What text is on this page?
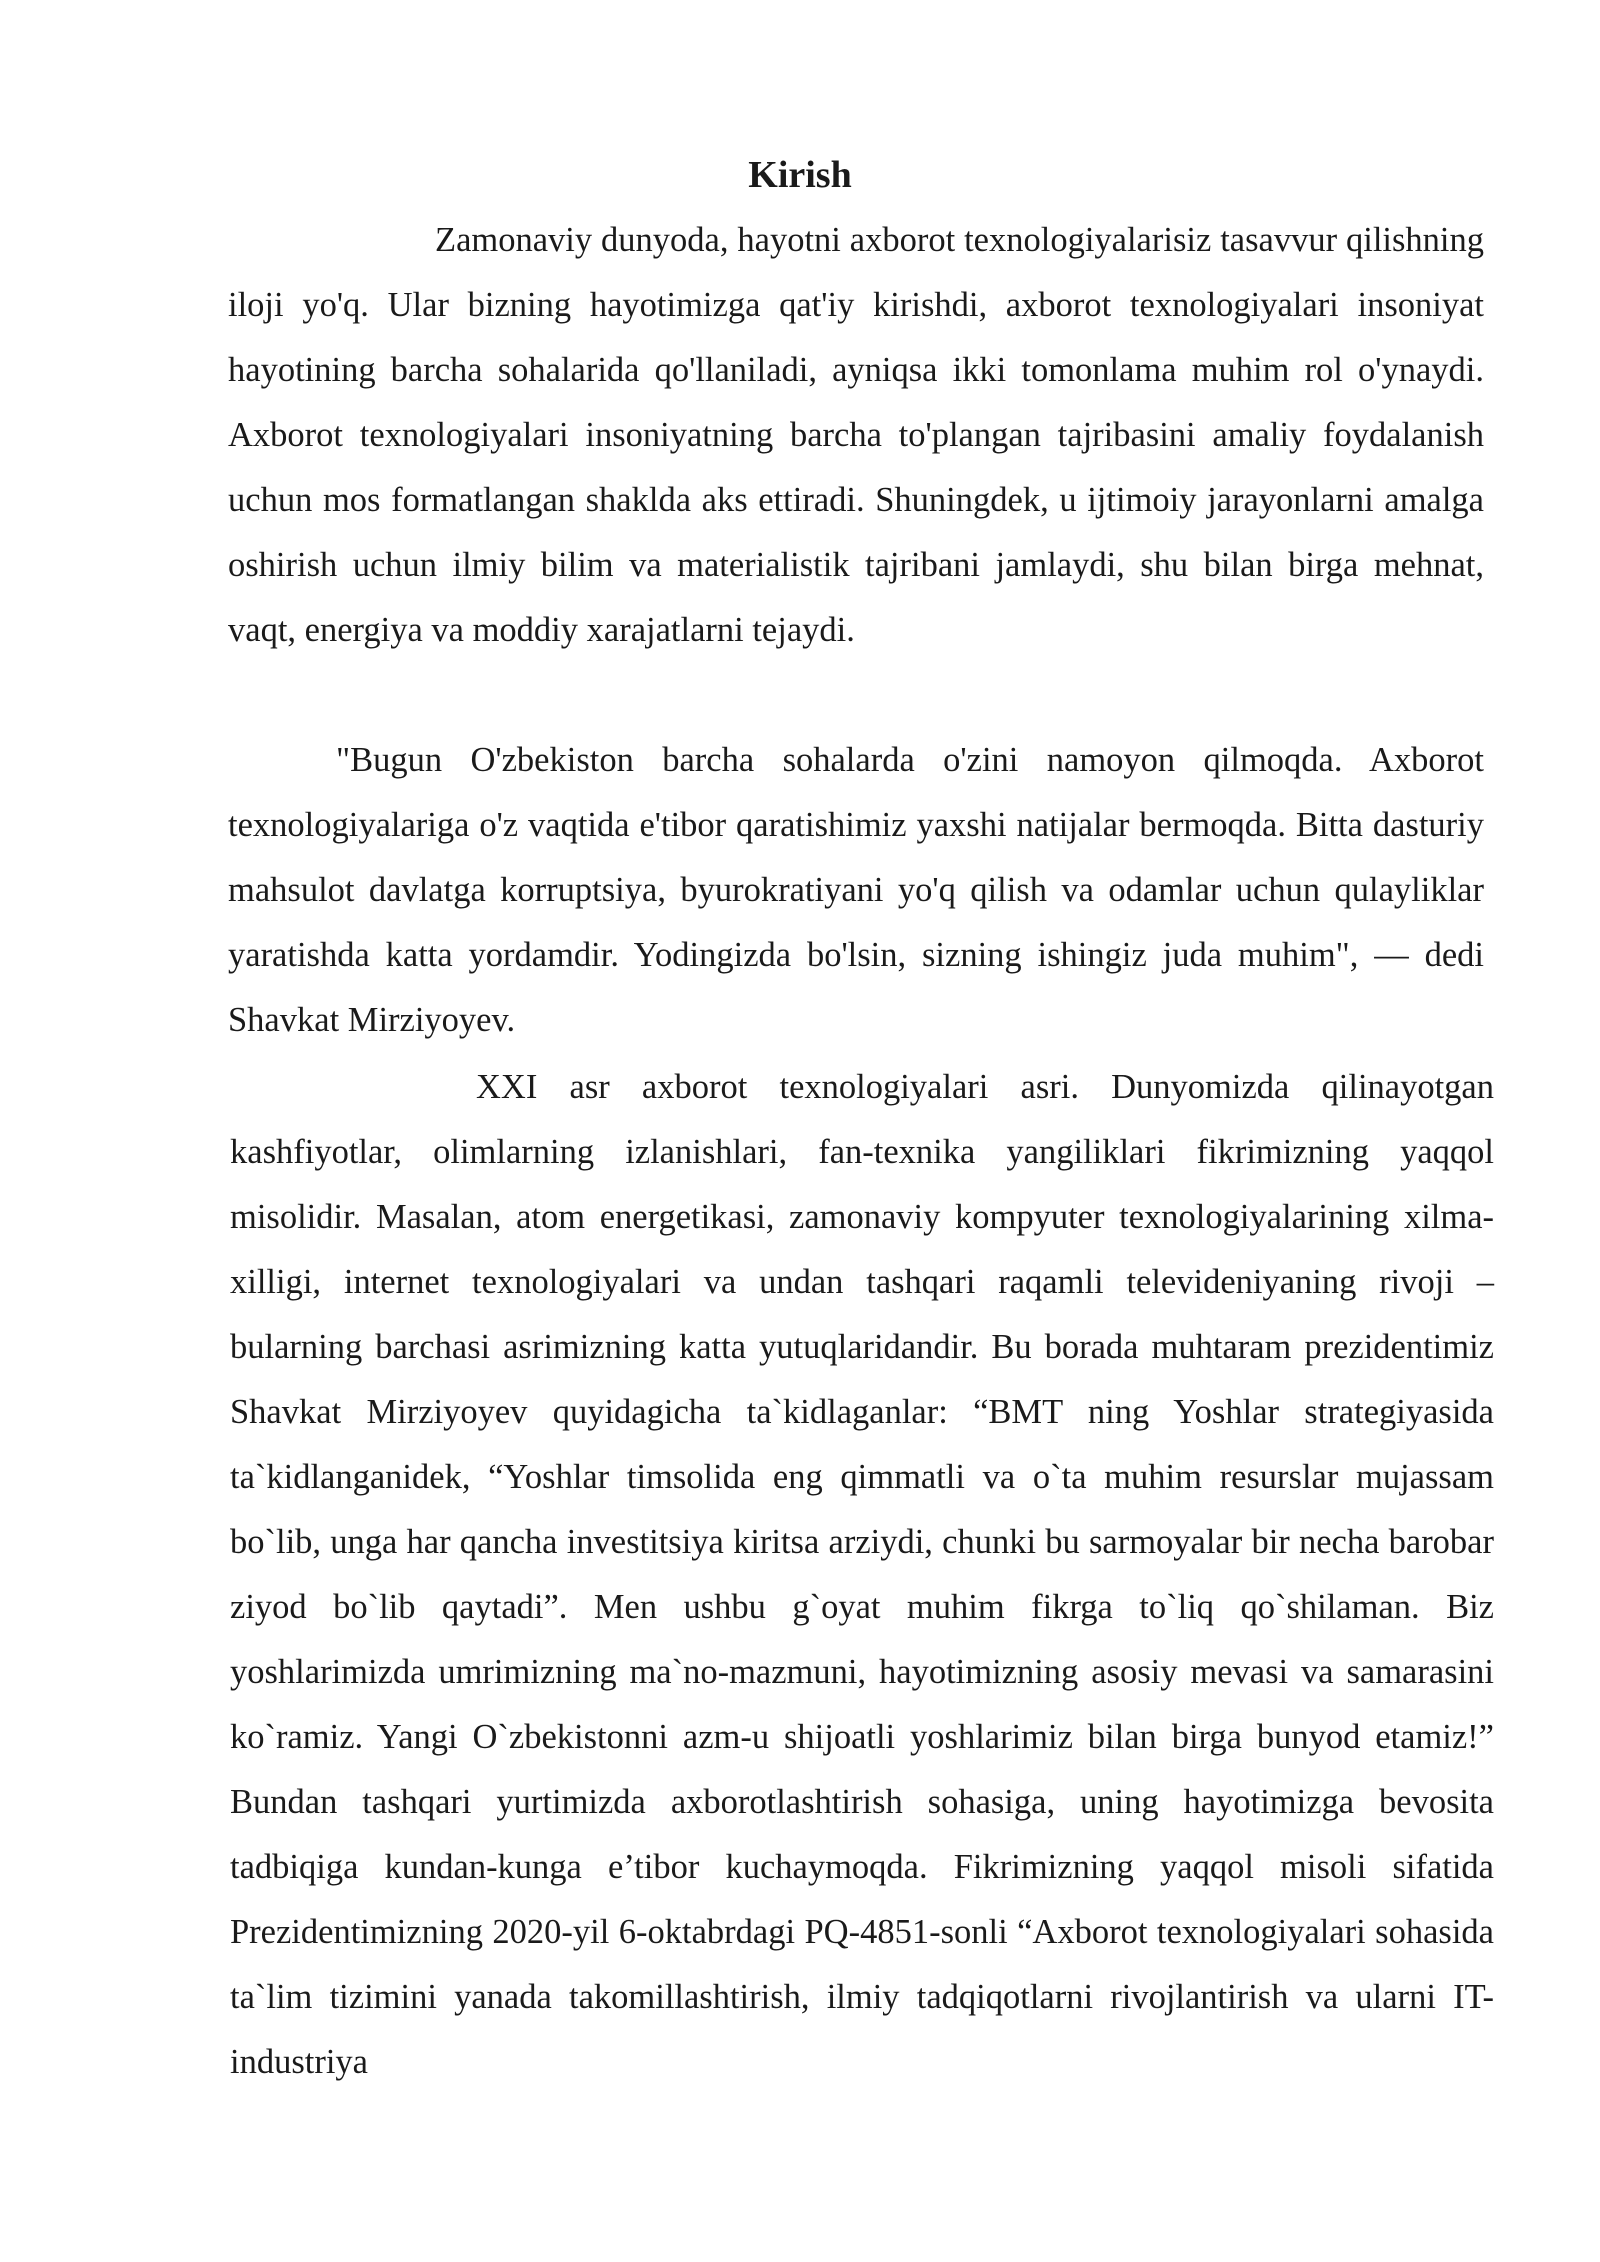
Kirish

Zamonaviy dunyoda, hayotni axborot texnologiyalarisiz tasavvur qilishning iloji yo'q. Ular bizning hayotimizga qat'iy kirishdi, axborot texnologiyalari insoniyat hayotining barcha sohalarida qo'llaniladi, ayniqsa ikki tomonlama muhim rol o'ynaydi. Axborot texnologiyalari insoniyatning barcha to'plangan tajribasini amaliy foydalanish uchun mos formatlangan shaklda aks ettiradi. Shuningdek, u ijtimoiy jarayonlarni amalga oshirish uchun ilmiy bilim va materialistik tajribani jamlaydi, shu bilan birga mehnat, vaqt, energiya va moddiy xarajatlarni tejaydi.

"Bugun O'zbekiston barcha sohalarda o'zini namoyon qilmoqda. Axborot texnologiyalariga o'z vaqtida e'tibor qaratishimiz yaxshi natijalar bermoqda. Bitta dasturiy mahsulot davlatga korruptsiya, byurokratiyani yo'q qilish va odamlar uchun qulayliklar yaratishda katta yordamdir. Yodingizda bo'lsin, sizning ishingiz juda muhim", — dedi Shavkat Mirziyoyev.

XXI asr axborot texnologiyalari asri. Dunyomizda qilinayotgan kashfiyotlar, olimlarning izlanishlari, fan-texnika yangiliklari fikrimizning yaqqol misolidir. Masalan, atom energetikasi, zamonaviy kompyuter texnologiyalarining xilma-xilligi, internet texnologiyalari va undan tashqari raqamli televideniyaning rivoji – bularning barchasi asrimizning katta yutuqlaridandir. Bu borada muhtaram prezidentimiz Shavkat Mirziyoyev quyidagicha ta`kidlaganlar: “BMT ning Yoshlar strategiyasida ta`kidlanganidek, “Yoshlar timsolida eng qimmatli va o`ta muhim resurslar mujassam bo`lib, unga har qancha investitsiya kiritsa arziydi, chunki bu sarmoyalar bir necha barobar ziyod bo`lib qaytadi”. Men ushbu g`oyat muhim fikrga to`liq qo`shilaman. Biz yoshlarimizda umrimizning ma`no-mazmuni, hayotimizning asosiy mevasi va samarasini ko`ramiz. Yangi O`zbekistonni azm-u shijoatli yoshlarimiz bilan birga bunyod etamiz!” Bundan tashqari yurtimizda axborotlashtirish sohasiga, uning hayotimizga bevosita tadbiqiga kundan-kunga e’tibor kuchaymoqda. Fikrimizning yaqqol misoli sifatida Prezidentimizning 2020-yil 6-oktabrdagi PQ-4851-sonli “Axborot texnologiyalari sohasida ta`lim tizimini yanada takomillashtirish, ilmiy tadqiqotlarni rivojlantirish va ularni IT-industriya
